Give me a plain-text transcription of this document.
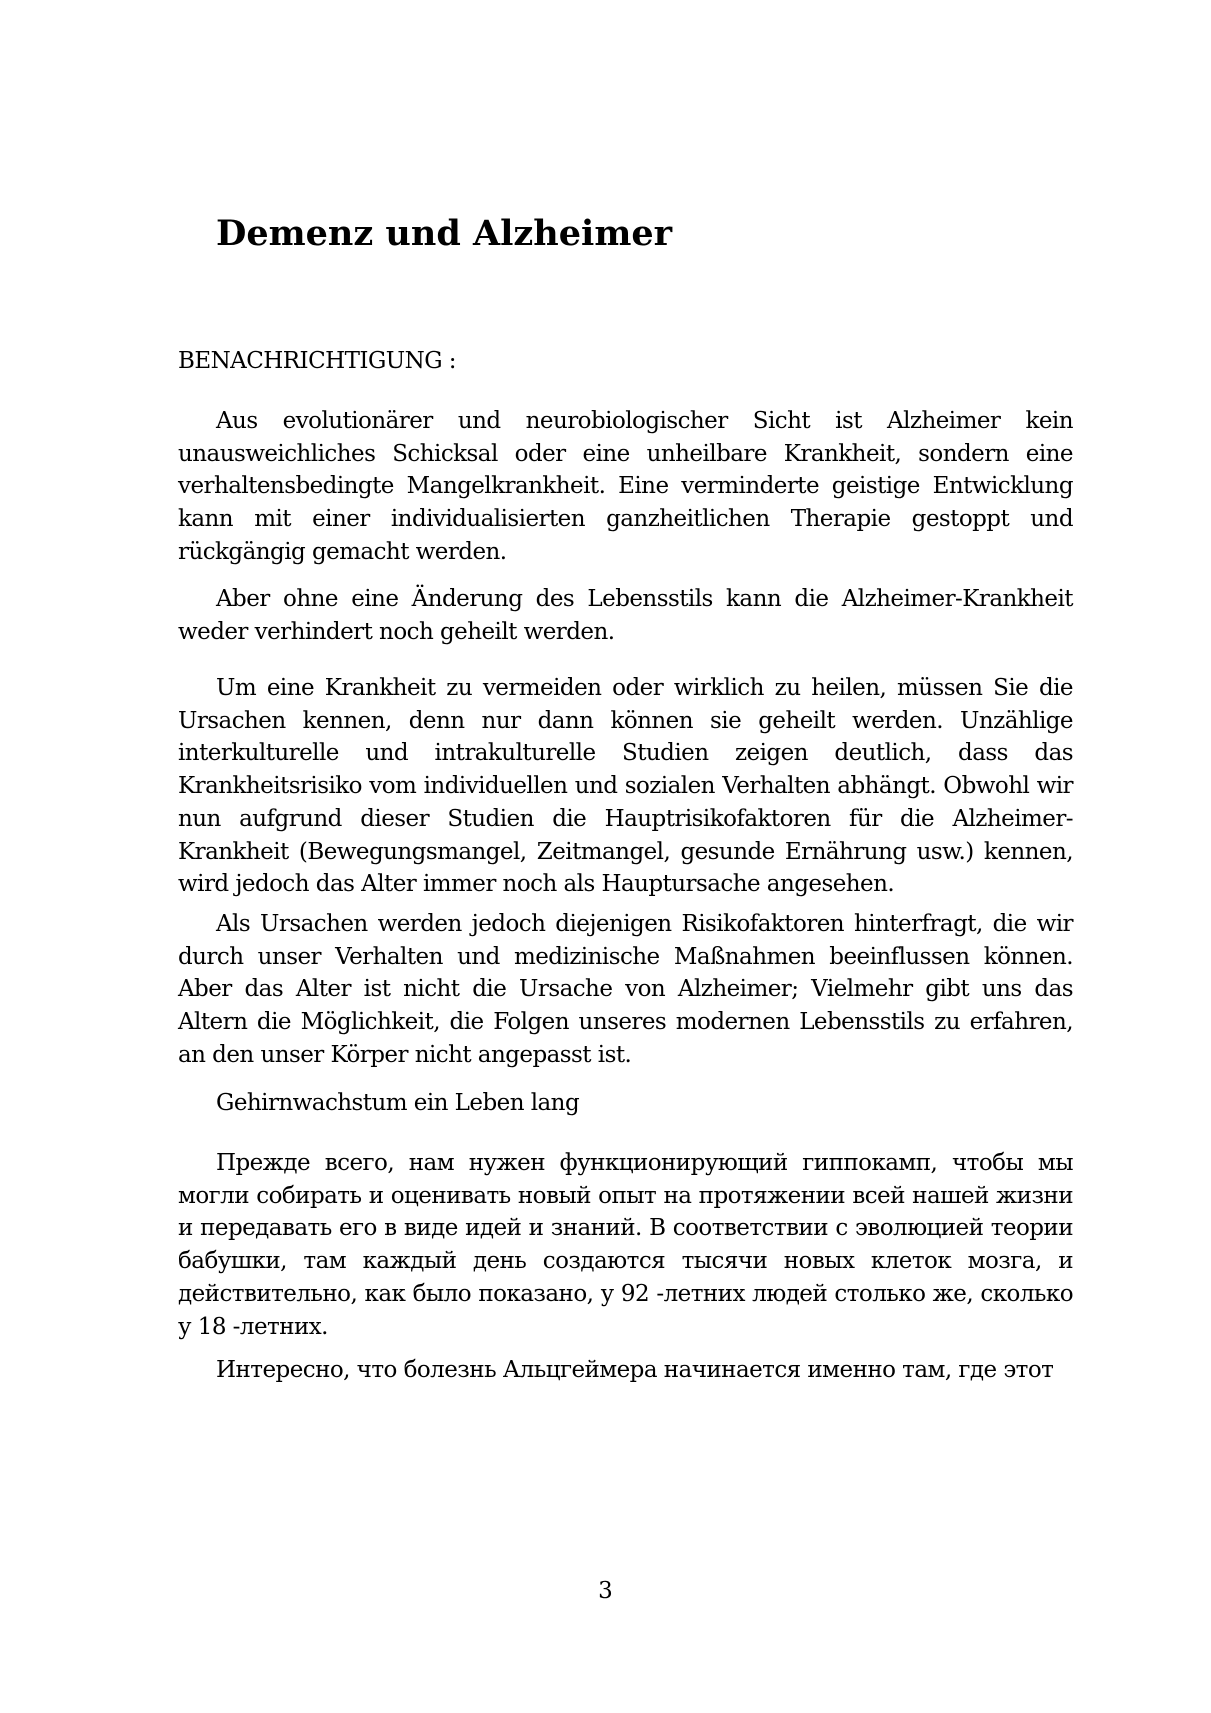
Demenz und Alzheimer
BENACHRICHTIGUNG :

Aus evolutionärer und neurobiologischer Sicht ist Alzheimer kein unausweichliches Schicksal oder eine unheilbare Krankheit, sondern eine verhaltensbedingte Mangelkrankheit. Eine verminderte geistige Entwicklung kann mit einer individualisierten ganzheitlichen Therapie gestoppt und rückgängig gemacht werden.

Aber ohne eine Änderung des Lebensstils kann die Alzheimer-Krankheit weder verhindert noch geheilt werden.

Um eine Krankheit zu vermeiden oder wirklich zu heilen, müssen Sie die Ursachen kennen, denn nur dann können sie geheilt werden. Unzählige interkulturelle und intrakulturelle Studien zeigen deutlich, dass das Krankheitsrisiko vom individuellen und sozialen Verhalten abhängt. Obwohl wir nun aufgrund dieser Studien die Hauptrisikofaktoren für die Alzheimer-Krankheit (Bewegungsmangel, Zeitmangel, gesunde Ernährung usw.) kennen, wird jedoch das Alter immer noch als Hauptursache angesehen.

Als Ursachen werden jedoch diejenigen Risikofaktoren hinterfragt, die wir durch unser Verhalten und medizinische Maßnahmen beeinflussen können. Aber das Alter ist nicht die Ursache von Alzheimer; Vielmehr gibt uns das Altern die Möglichkeit, die Folgen unseres modernen Lebensstils zu erfahren, an den unser Körper nicht angepasst ist.

Gehirnwachstum ein Leben lang

Прежде всего, нам нужен функционирующий гиппокамп, чтобы мы могли собирать и оценивать новый опыт на протяжении всей нашей жизни и передавать его в виде идей и знаний. В соответствии с эволюцией теории бабушки, там каждый день создаются тысячи новых клеток мозга, и действительно, как было показано, у 92 -летних людей столько же, сколько у 18 -летних.

Интересно, что болезнь Альцгеймера начинается именно там, где этот

3
